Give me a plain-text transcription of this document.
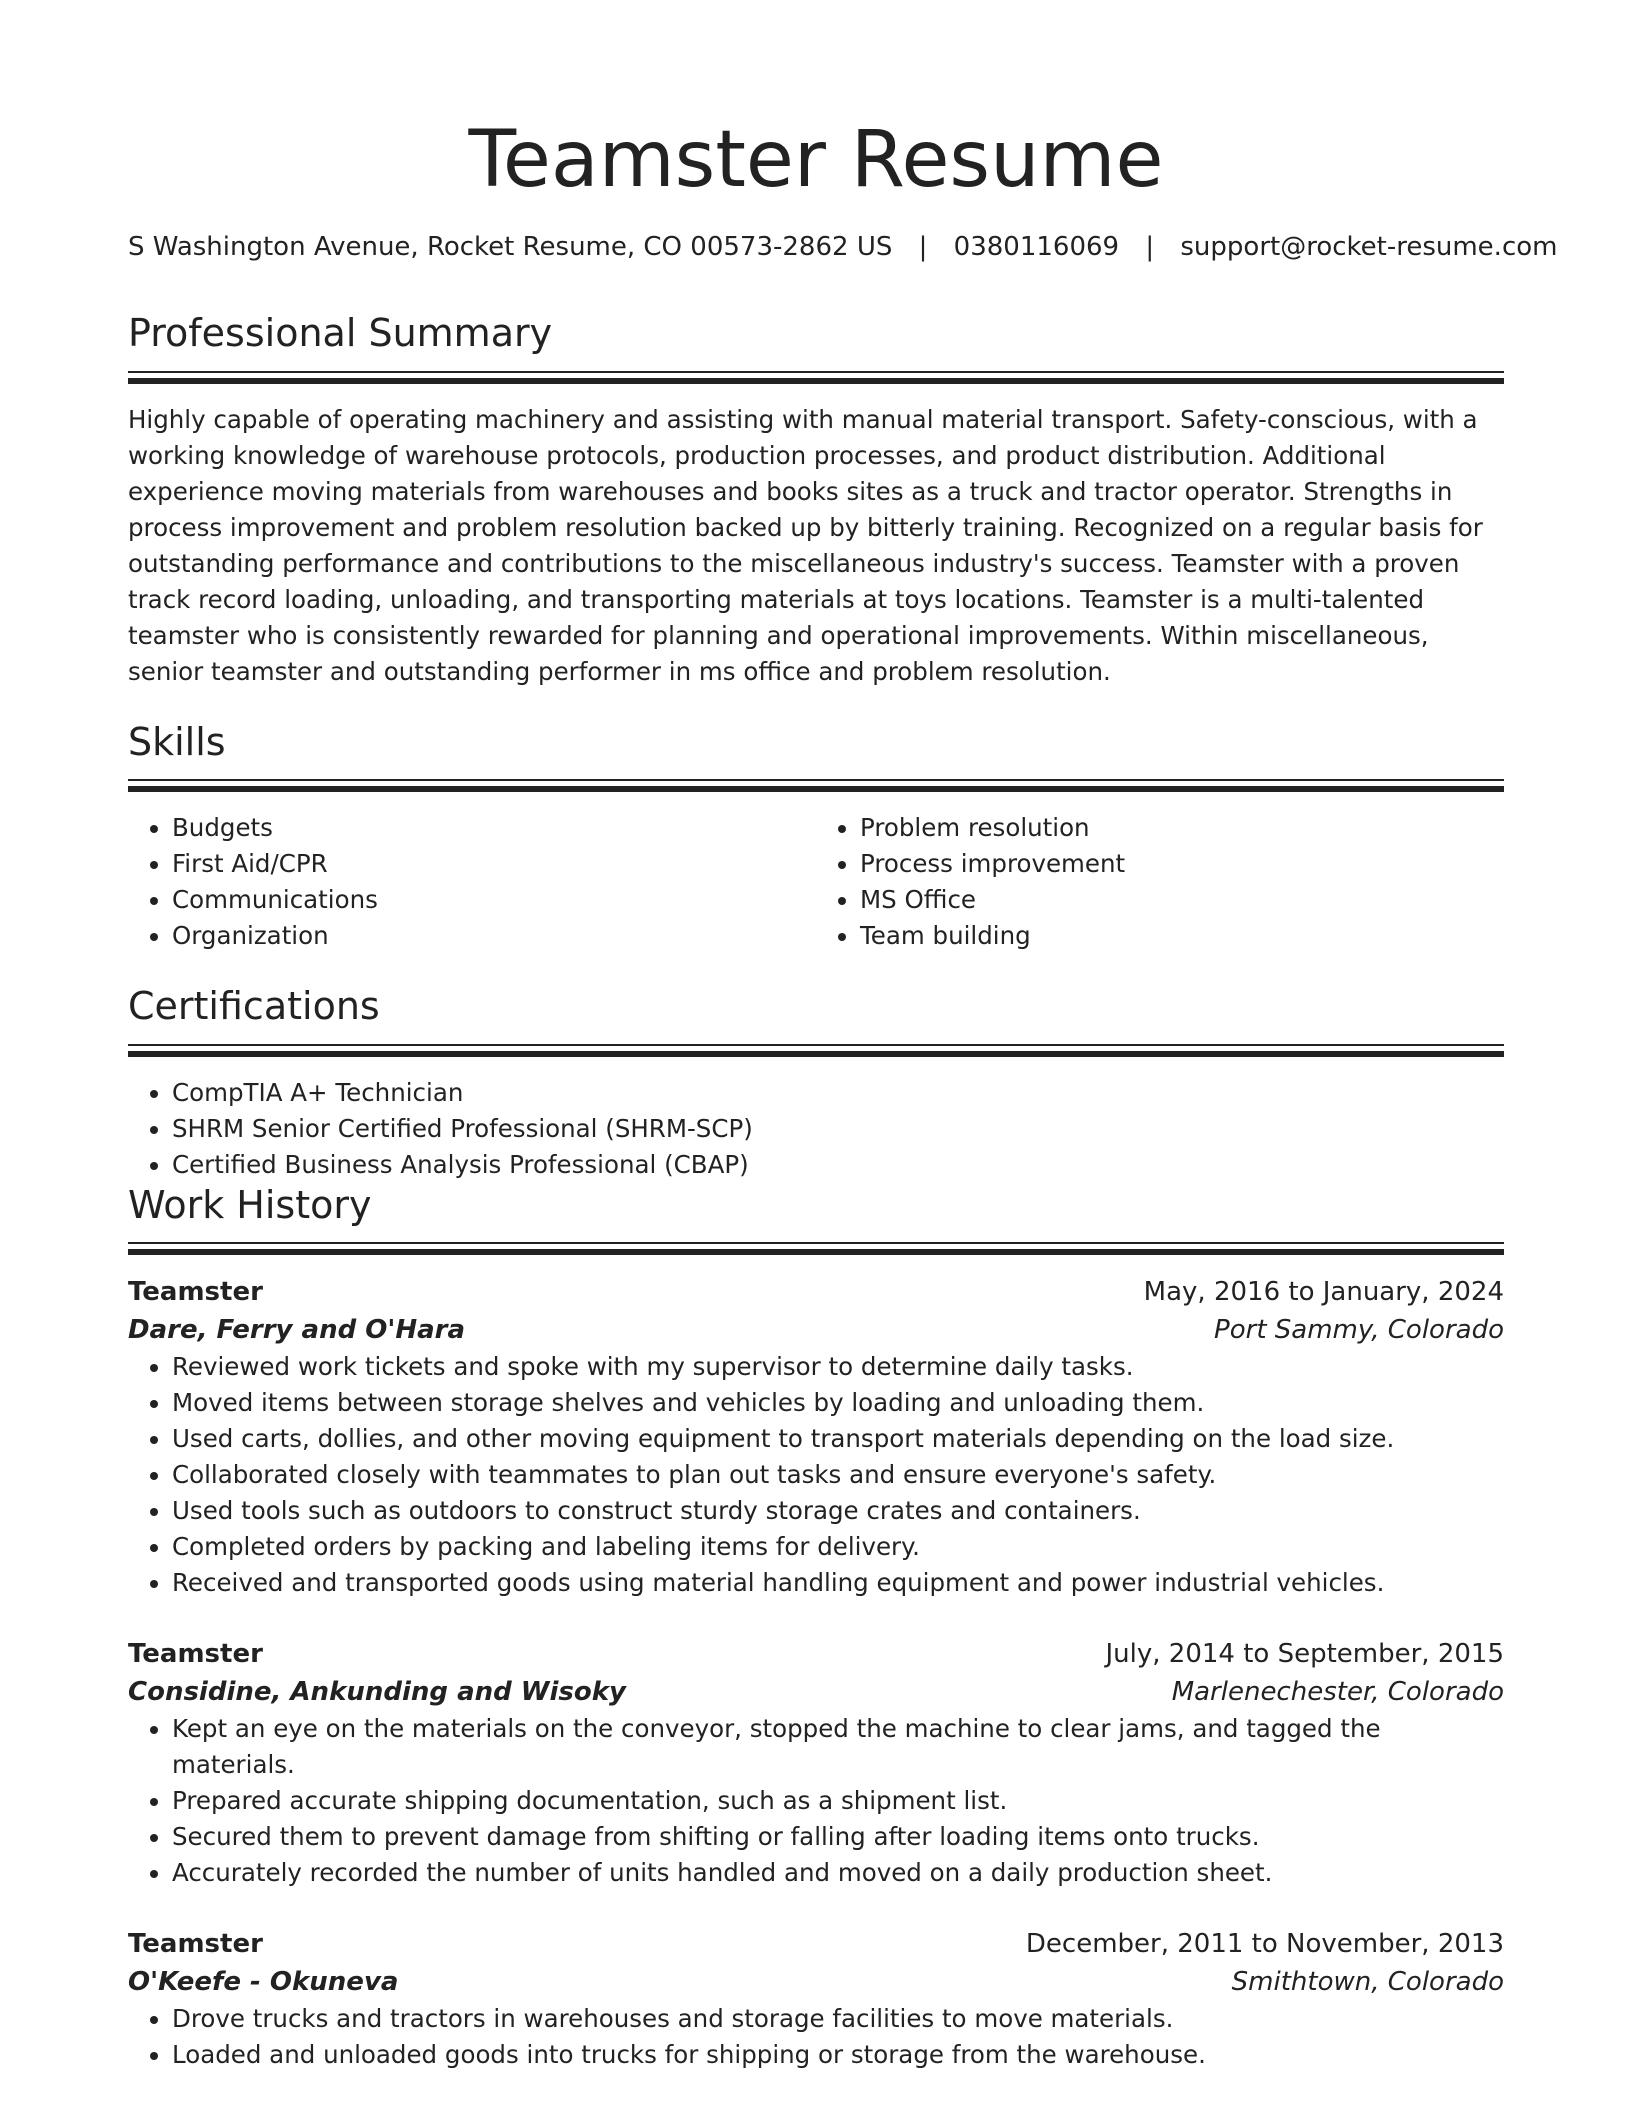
Teamster Resume
S Washington Avenue, Rocket Resume, CO 00573-2862 US | 0380116069 | support@rocket-resume.com
Professional Summary

Highly capable of operating machinery and assisting with manual material transport. Safety-conscious, with a working knowledge of warehouse protocols, production processes, and product distribution. Additional experience moving materials from warehouses and books sites as a truck and tractor operator. Strengths in process improvement and problem resolution backed up by bitterly training. Recognized on a regular basis for outstanding performance and contributions to the miscellaneous industry's success. Teamster with a proven track record loading, unloading, and transporting materials at toys locations. Teamster is a multi-talented teamster who is consistently rewarded for planning and operational improvements. Within miscellaneous, senior teamster and outstanding performer in ms office and problem resolution.

Skills
• Budgets
• First Aid/CPR
• Communications
• Organization
• Problem resolution
• Process improvement
• MS Office
• Team building
Certifications
• CompTIA A+ Technician
• SHRM Senior Certified Professional (SHRM-SCP)
• Certified Business Analysis Professional (CBAP)
Work History
Teamster	May, 2016 to January, 2024
Dare, Ferry and O'Hara	Port Sammy, Colorado
• Reviewed work tickets and spoke with my supervisor to determine daily tasks.
• Moved items between storage shelves and vehicles by loading and unloading them.
• Used carts, dollies, and other moving equipment to transport materials depending on the load size.
• Collaborated closely with teammates to plan out tasks and ensure everyone's safety.
• Used tools such as outdoors to construct sturdy storage crates and containers.
• Completed orders by packing and labeling items for delivery.
• Received and transported goods using material handling equipment and power industrial vehicles.
Teamster	July, 2014 to September, 2015
Considine, Ankunding and Wisoky	Marlenechester, Colorado
• Kept an eye on the materials on the conveyor, stopped the machine to clear jams, and tagged the materials.
• Prepared accurate shipping documentation, such as a shipment list.
• Secured them to prevent damage from shifting or falling after loading items onto trucks.
• Accurately recorded the number of units handled and moved on a daily production sheet.
Teamster	December, 2011 to November, 2013
O'Keefe - Okuneva	Smithtown, Colorado
• Drove trucks and tractors in warehouses and storage facilities to move materials.
• Loaded and unloaded goods into trucks for shipping or storage from the warehouse.
